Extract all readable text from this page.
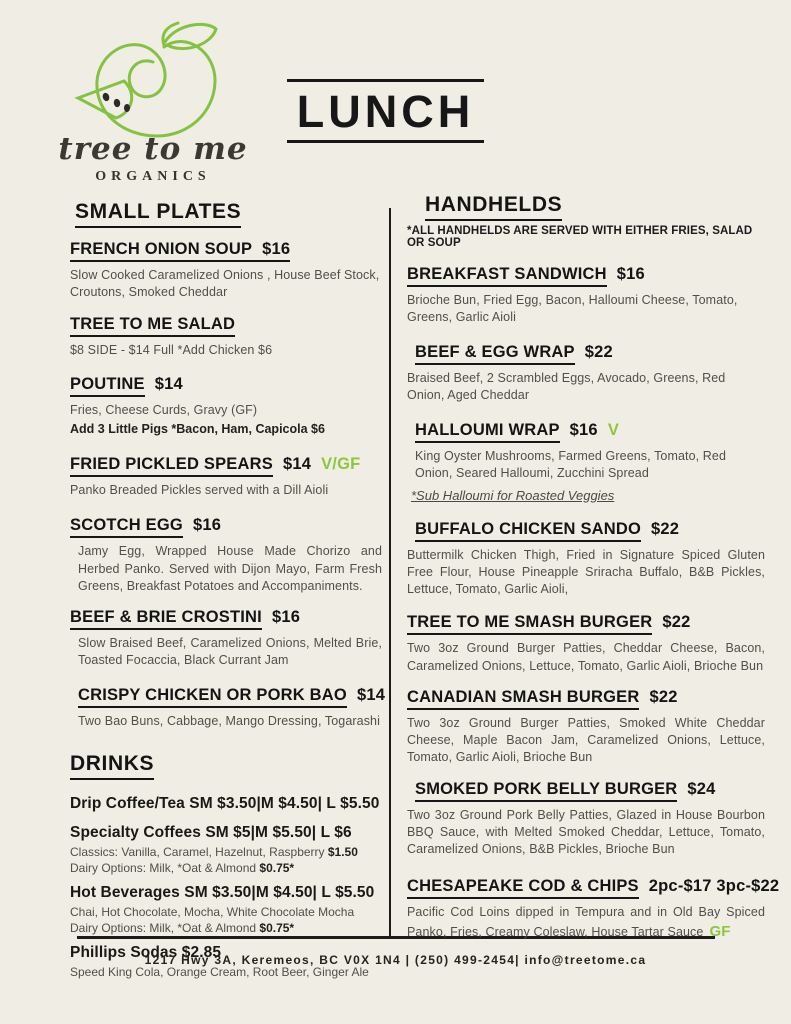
tree to me
ORGANICS
LUNCH
SMALL PLATES
FRENCH ONION SOUP $16

Slow Cooked Caramelized Onions , House Beef Stock, Croutons, Smoked Cheddar

TREE TO ME SALAD

$8 SIDE - $14 Full *Add Chicken $6

POUTINE $14

Fries, Cheese Curds, Gravy (GF)

Add 3 Little Pigs *Bacon, Ham, Capicola $6

FRIED PICKLED SPEARS $14 V/GF

Panko Breaded Pickles served with a Dill Aioli

SCOTCH EGG $16

Jamy Egg, Wrapped House Made Chorizo and Herbed Panko. Served with Dijon Mayo, Farm Fresh Greens, Breakfast Potatoes and Accompaniments.

BEEF & BRIE CROSTINI $16

Slow Braised Beef, Caramelized Onions, Melted Brie, Toasted Focaccia, Black Currant Jam

CRISPY CHICKEN OR PORK BAO $14

Two Bao Buns, Cabbage, Mango Dressing, Togarashi

DRINKS
Drip Coffee/Tea SM $3.50|M $4.50| L $5.50
Specialty Coffees SM $5|M $5.50| L $6

Classics: Vanilla, Caramel, Hazelnut, Raspberry $1.50

Dairy Options: Milk, *Oat & Almond $0.75*

Hot Beverages SM $3.50|M $4.50| L $5.50

Chai, Hot Chocolate, Mocha, White Chocolate Mocha

Dairy Options: Milk, *Oat & Almond $0.75*

Phillips Sodas $2.85

Speed King Cola, Orange Cream, Root Beer, Ginger Ale

HANDHELDS

*ALL HANDHELDS ARE SERVED WITH EITHER FRIES, SALAD OR SOUP

BREAKFAST SANDWICH $16

Brioche Bun, Fried Egg, Bacon, Halloumi Cheese, Tomato, Greens, Garlic Aioli

BEEF & EGG WRAP $22

Braised Beef, 2 Scrambled Eggs, Avocado, Greens, Red Onion, Aged Cheddar

HALLOUMI WRAP $16 V

King Oyster Mushrooms, Farmed Greens, Tomato, Red Onion, Seared Halloumi, Zucchini Spread

*Sub Halloumi for Roasted Veggies

BUFFALO CHICKEN SANDO $22

Buttermilk Chicken Thigh, Fried in Signature Spiced Gluten Free Flour, House Pineapple Sriracha Buffalo, B&B Pickles, Lettuce, Tomato, Garlic Aioli,

TREE TO ME SMASH BURGER $22

Two 3oz Ground Burger Patties, Cheddar Cheese, Bacon, Caramelized Onions, Lettuce, Tomato, Garlic Aioli, Brioche Bun

CANADIAN SMASH BURGER $22

Two 3oz Ground Burger Patties, Smoked White Cheddar Cheese, Maple Bacon Jam, Caramelized Onions, Lettuce, Tomato, Garlic Aioli, Brioche Bun

SMOKED PORK BELLY BURGER $24

Two 3oz Ground Pork Belly Patties, Glazed in House Bourbon BBQ Sauce, with Melted Smoked Cheddar, Lettuce, Tomato, Caramelized Onions, B&B Pickles, Brioche Bun

CHESAPEAKE COD & CHIPS 2pc-$17 3pc-$22

Pacific Cod Loins dipped in Tempura and in Old Bay Spiced Panko, Fries, Creamy Coleslaw, House Tartar Sauce GF

1217 Hwy 3A, Keremeos, BC V0X 1N4 | (250) 499-2454| info@treetome.ca
